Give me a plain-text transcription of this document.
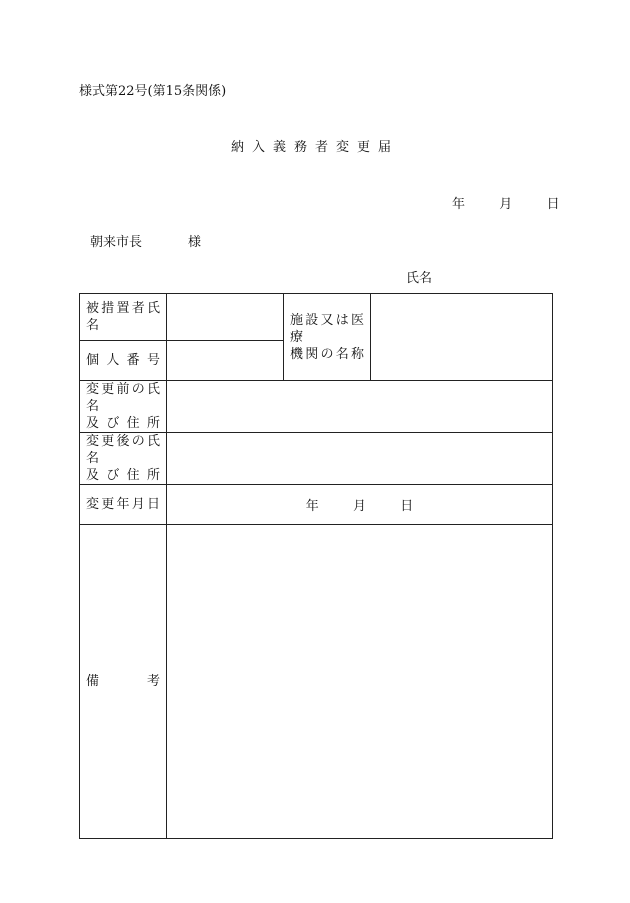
様式第22号(第15条関係)
納入義務者変更届
年	月	日
朝来市長	様
氏名
被措置者氏名		施設又は医療
機関の名称	

個人番号			

変更前の氏名
及び住所			

変更後の氏名
及び住所			

変更年月日	年 月 日		

備考			
